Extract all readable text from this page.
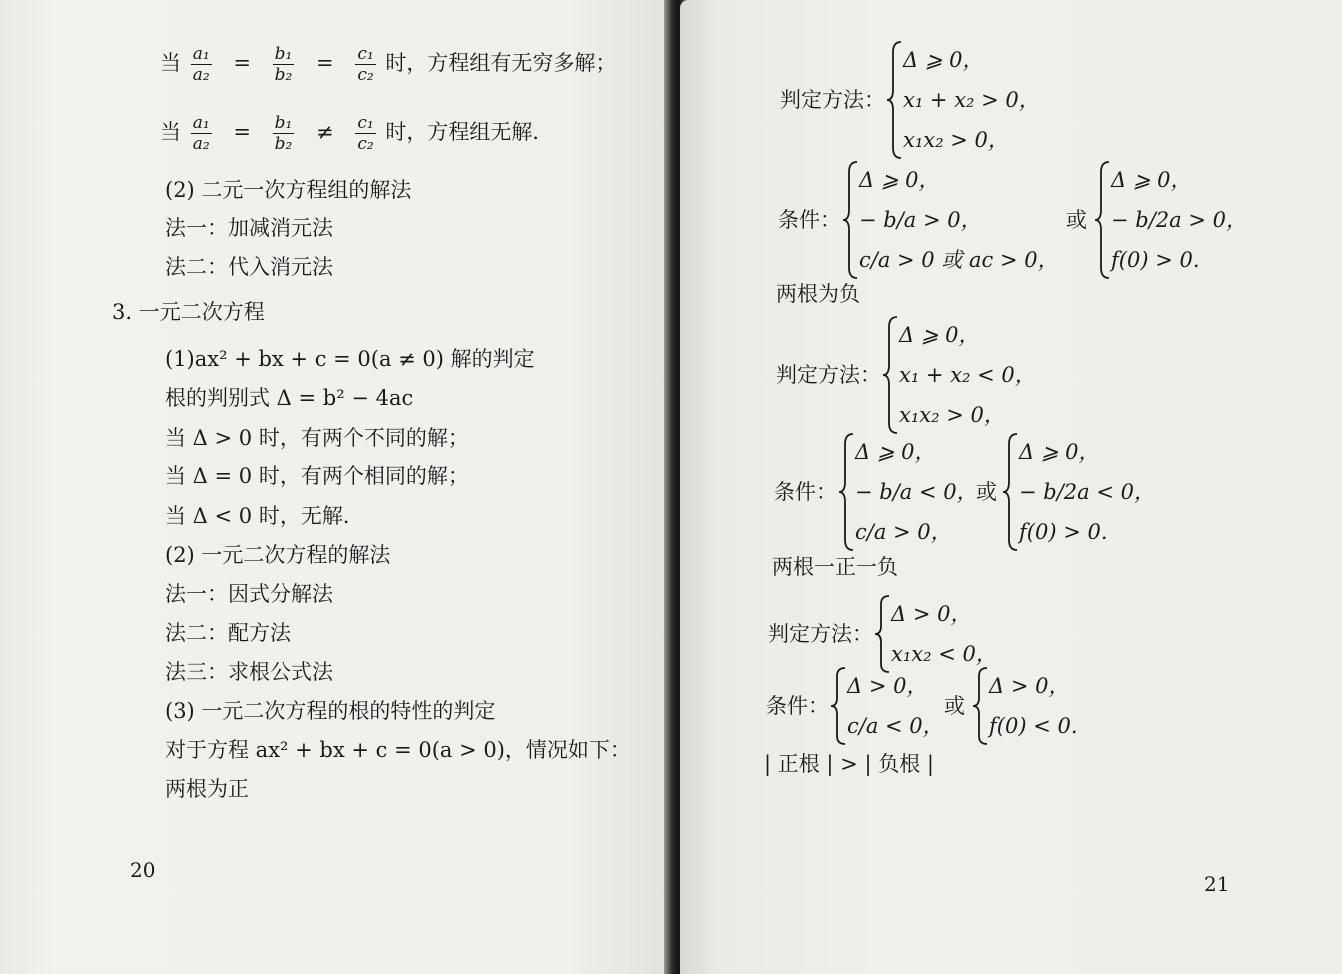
当 $\frac{\text{a₁}}{\text{a₂}} = \frac{\text{b₁}}{\text{b₂}} = \frac{\text{c₁}}{\text{c₂}}$ 时，方程组有无穷多解；
当 $\frac{\text{a₁}}{\text{a₂}} = \frac{\text{b₁}}{\text{b₂}} \ne \frac{\text{c₁}}{\text{c₂}}$ 时，方程组无解．
(2) 二元一次方程组的解法
法一：加减消元法
法二：代入消元法
3. 一元二次方程
(1)ax² + bx + c = 0(a ≠ 0) 解的判定
根的判别式 Δ = b² − 4ac
当 Δ > 0 时，有两个不同的解；
当 Δ = 0 时，有两个相同的解；
当 Δ < 0 时，无解．
(2) 一元二次方程的解法
法一：因式分解法
法二：配方法
法三：求根公式法
(3) 一元二次方程的根的特性的判定
对于方程 ax² + bx + c = 0(a > 0)，情况如下：
两根为正
20
判定方法：
Δ ⩾ 0，
x₁ + x₂ > 0，
x₁x₂ > 0，
条件：
Δ ⩾ 0，
− b/a > 0，
c/a > 0 或 ac > 0，
或
Δ ⩾ 0，
− b/2a > 0，
f(0) > 0.
两根为负
判定方法：
Δ ⩾ 0，
x₁ + x₂ < 0，
x₁x₂ > 0，
条件：
Δ ⩾ 0，
− b/a < 0，
c/a > 0，
或
Δ ⩾ 0，
− b/2a < 0，
f(0) > 0.
两根一正一负
判定方法：
Δ > 0，
x₁x₂ < 0，
条件：
Δ > 0，
c/a < 0，
或
Δ > 0，
f(0) < 0.
| 正根 | > | 负根 |
21
